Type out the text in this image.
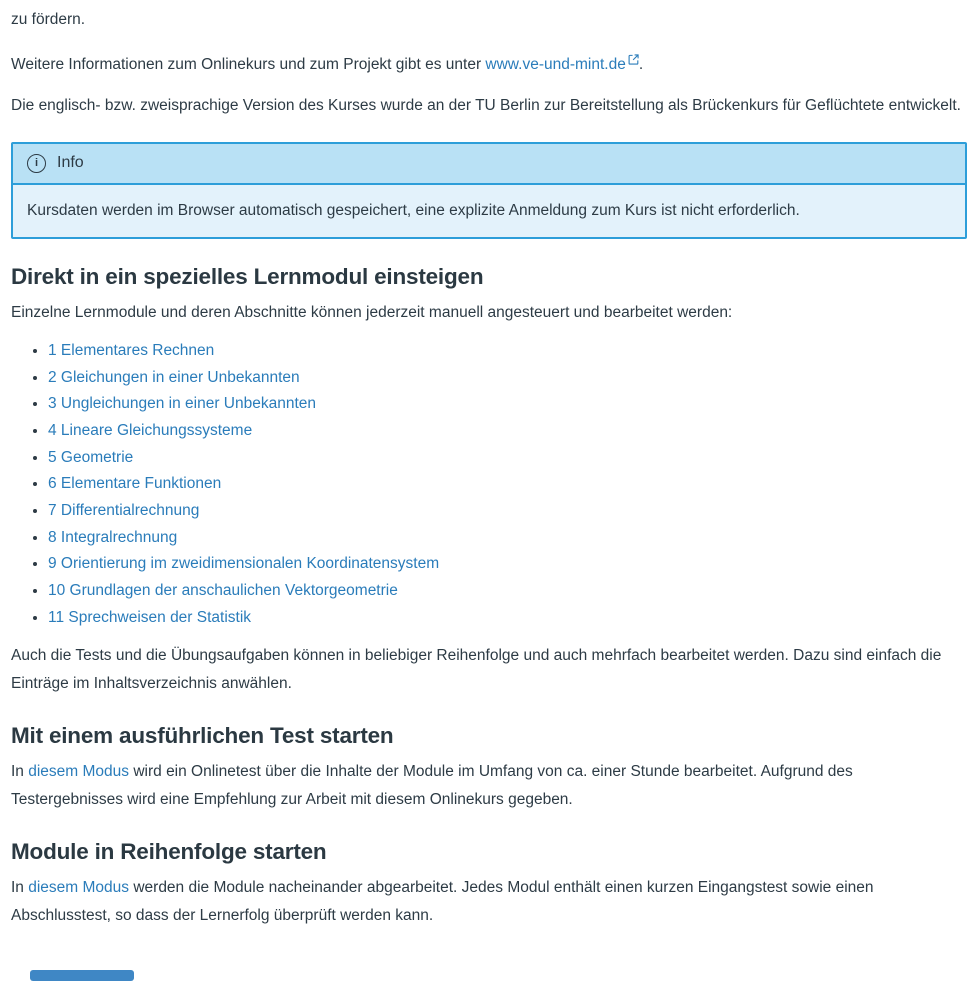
zu fördern.

Weitere Informationen zum Onlinekurs und zum Projekt gibt es unter www.ve-und-mint.de .

Die englisch- bzw. zweisprachige Version des Kurses wurde an der TU Berlin zur Bereitstellung als Brückenkurs für Geflüchtete entwickelt.

i	Info
Kursdaten werden im Browser automatisch gespeichert, eine explizite Anmeldung zum Kurs ist nicht erforderlich.
Direkt in ein spezielles Lernmodul einsteigen

Einzelne Lernmodule und deren Abschnitte können jederzeit manuell angesteuert und bearbeitet werden:

• 1 Elementares Rechnen
• 2 Gleichungen in einer Unbekannten
• 3 Ungleichungen in einer Unbekannten
• 4 Lineare Gleichungssysteme
• 5 Geometrie
• 6 Elementare Funktionen
• 7 Differentialrechnung
• 8 Integralrechnung
• 9 Orientierung im zweidimensionalen Koordinatensystem
• 10 Grundlagen der anschaulichen Vektorgeometrie
• 11 Sprechweisen der Statistik

Auch die Tests und die Übungsaufgaben können in beliebiger Reihenfolge und auch mehrfach bearbeitet werden. Dazu sind einfach die Einträge im Inhaltsverzeichnis anwählen.

Mit einem ausführlichen Test starten

In diesem Modus wird ein Onlinetest über die Inhalte der Module im Umfang von ca. einer Stunde bearbeitet. Aufgrund des Testergebnisses wird eine Empfehlung zur Arbeit mit diesem Onlinekurs gegeben.

Module in Reihenfolge starten

In diesem Modus werden die Module nacheinander abgearbeitet. Jedes Modul enthält einen kurzen Eingangstest sowie einen Abschlusstest, so dass der Lernerfolg überprüft werden kann.
